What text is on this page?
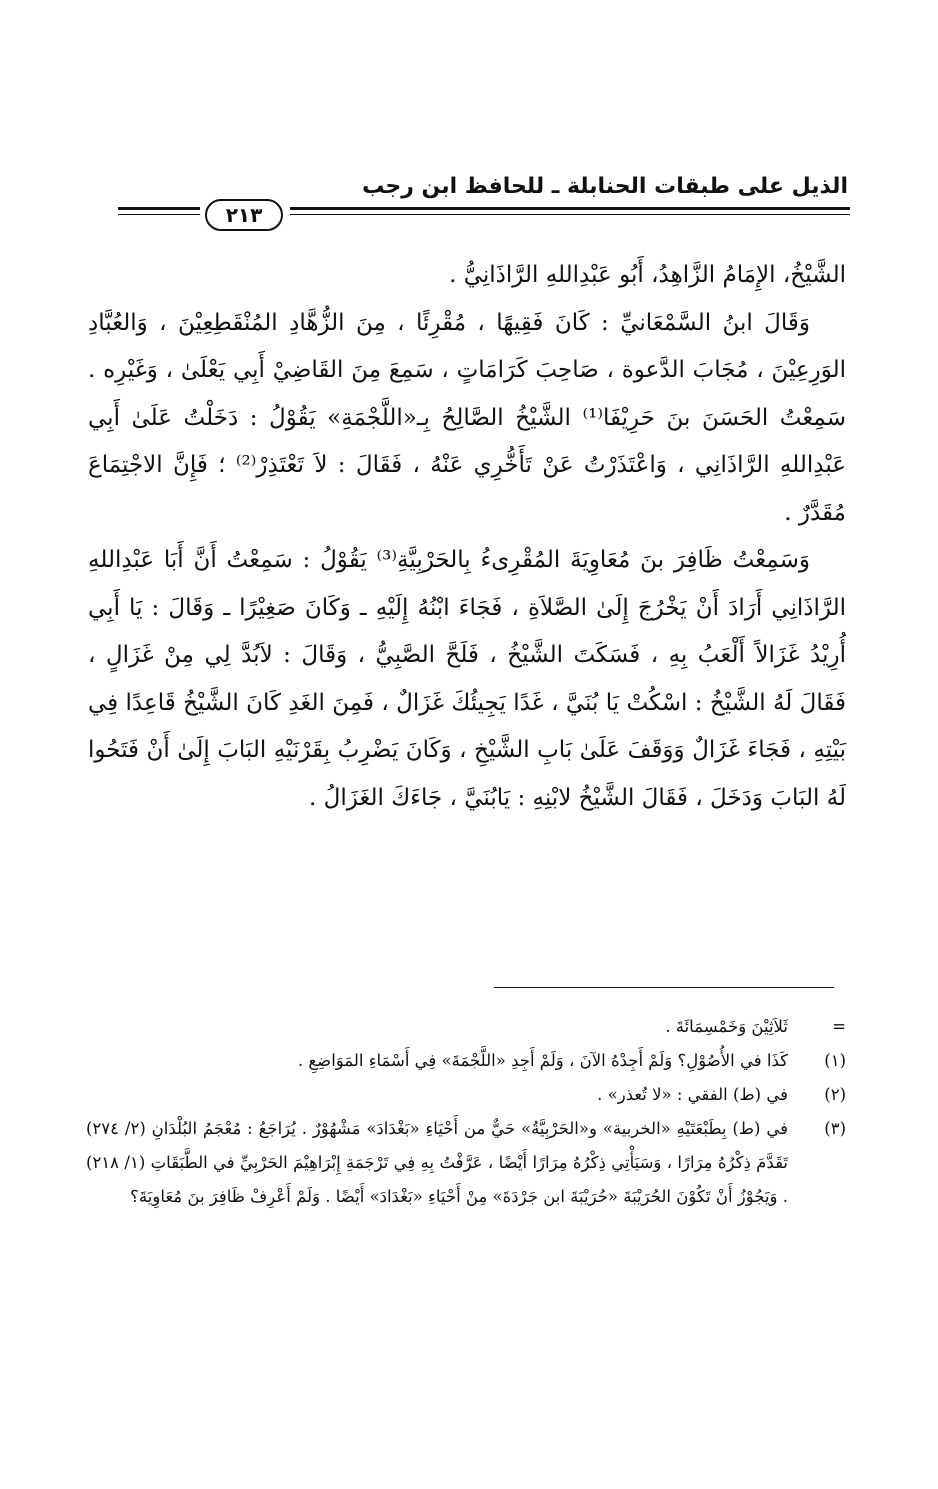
الذيل على طبقات الحنابلة ـ للحافظ ابن رجب
٢١٣

الشَّيْخُ، الإِمَامُ الزَّاهِدُ، أَبُو عَبْدِاللهِ الرَّاذَانِيُّ .

وَقَالَ ابنُ السَّمْعَانيِّ : كَانَ فَقِيهًا ، مُقْرِئًا ، مِنَ الزُّهَّادِ المُنْقَطِعِيْنَ ، وَالعُبَّادِ الوَرِعِيْنَ ، مُجَابَ الدَّعوة ، صَاحِبَ كَرَامَاتٍ ، سَمِعَ مِنَ القَاضِيْ أَبِي يَعْلَىٰ ، وَغَيْرِه . سَمِعْتُ الحَسَنَ بنَ حَرِيْفَا⁽¹⁾ الشَّيْخُ الصَّالِحُ بِـ«اللَّجْمَةِ» يَقُوْلُ : دَخَلْتُ عَلَىٰ أَبِي عَبْدِاللهِ الرَّاذَانِي ، وَاعْتَذَرْتُ عَنْ تَأَخُّرِي عَنْهُ ، فَقَالَ : لاَ تَعْتَذِرْ⁽²⁾ ؛ فَإِنَّ الاجْتِمَاعَ مُقَدَّرٌ .

وَسَمِعْتُ ظَافِرَ بنَ مُعَاوِيَةَ المُقْرِىءُ بِالحَرْبِيَّةِ⁽³⁾ يَقُوْلُ : سَمِعْتُ أَنَّ أَبَا عَبْدِاللهِ الرَّاذَانِي أَرَادَ أَنْ يَخْرُجَ إِلَىٰ الصَّلاَةِ ، فَجَاءَ ابْنُهُ إِلَيْهِ ـ وَكَانَ صَغِيْرًا ـ وَقَالَ : يَا أَبِي أُرِيْدُ غَزَالاً أَلْعَبُ بِهِ ، فَسَكَتَ الشَّيْخُ ، فَلَحَّ الصَّبِيُّ ، وَقَالَ : لاَبُدَّ لِي مِنْ غَزَالٍ ، فَقَالَ لَهُ الشَّيْخُ : اسْكُتْ يَا بُنَيَّ ، غَدًا يَجِيئُكَ غَزَالٌ ، فَمِنَ الغَدِ كَانَ الشَّيْخُ قَاعِدًا فِي بَيْتِهِ ، فَجَاءَ غَزَالٌ وَوَقَفَ عَلَىٰ بَابِ الشَّيْخِ ، وَكَانَ يَضْرِبُ بِقَرْنَيْهِ البَابَ إِلَىٰ أَنْ فَتَحُوا لَهُ البَابَ وَدَخَلَ ، فَقَالَ الشَّيْخُ لابْنِهِ : يَابُنَيَّ ، جَاءَكَ الغَزَالُ .

=
ثَلاَثِيْنَ وَخَمْسِمَائَةَ .
(١)
كَذَا في الأُصُوْلِ؟ وَلَمْ أَجِدْهُ الآنَ ، وَلَمْ أَجِدِ «اللَّجْمَةَ» فِي أَسْمَاءِ المَوَاضِعِ .
(٢)
في (ط) الفقي : «لا تُعذر» .
(٣)
في (ط) بِطَبْعَتَيْهِ «الخربية» و«الحَرْبِيَّةُ» حَيٌّ من أَحْيَاءِ «بَغْدَادَ» مَشْهُوْرٌ . يُرَاجَعُ : مُعْجَمُ البُلْدَانِ (٢/ ٢٧٤) تَقَدَّمَ ذِكْرُهُ مِرَارًا ، وَسَيَأْتِي ذِكْرُهُ مِرَارًا أَيْضًا ، عَرَّفْتُ بِهِ فِي تَرْجَمَةِ إِبْرَاهِيْمَ الحَرْبِيِّ في الطَّبَقَاتِ (١/ ٢١٨) . وَيَجُوْزُ أَنْ تَكُوْنَ الحُرَيْبَةَ «حُرَيْبَةَ ابن جَرْدَةَ» مِنْ أَحْيَاءِ «بَغْدَادَ» أَيْضًا . وَلَمْ أَعْرِفْ ظَافِرَ بنَ مُعَاوِيَةَ؟
